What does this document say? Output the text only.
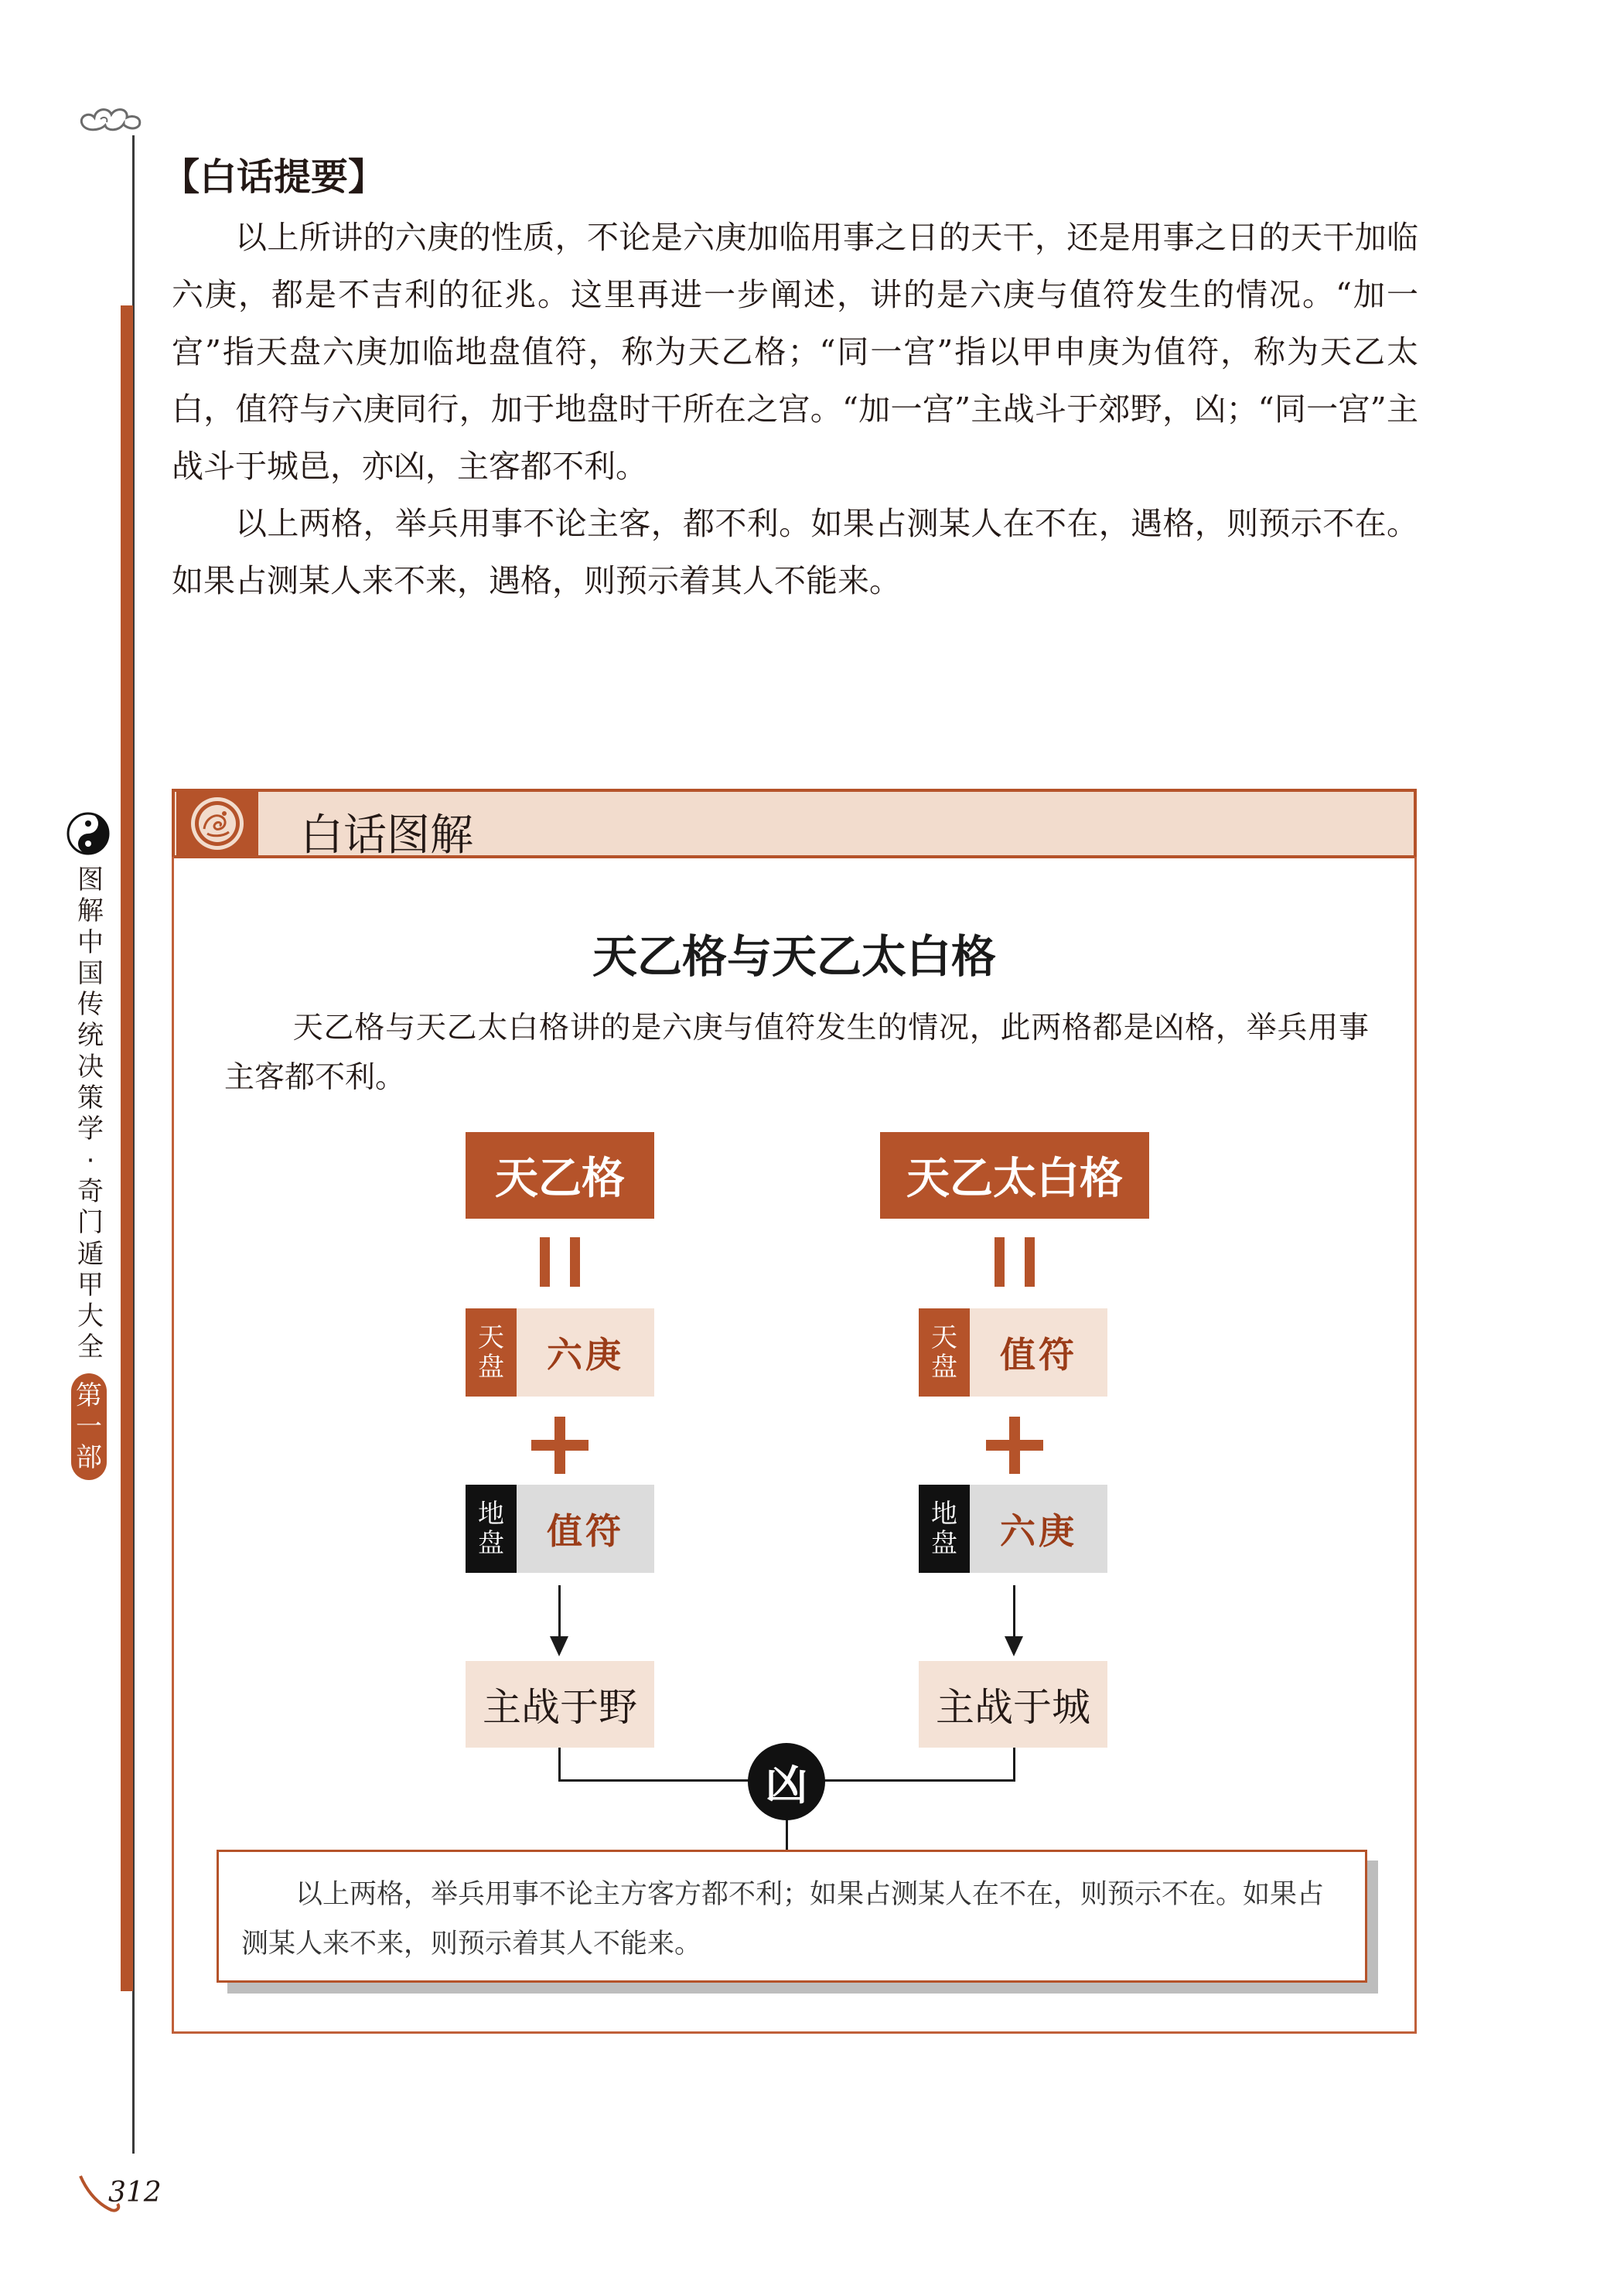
图
解
中
国
传
统
决
策
学
·
奇
门
遁
甲
大
全
第
一
部
312
【白话提要】

以上所讲的六庚的性质，不论是六庚加临用事之日的天干，还是用事之日的天干加临六庚，都是不吉利的征兆。这里再进一步阐述，讲的是六庚与值符发生的情况。“加一宫”指天盘六庚加临地盘值符，称为天乙格；“同一宫”指以甲申庚为值符，称为天乙太白，值符与六庚同行，加于地盘时干所在之宫。“加一宫”主战斗于郊野，凶；“同一宫”主战斗于城邑，亦凶，主客都不利。

以上两格，举兵用事不论主客，都不利。如果占测某人在不在，遇格，则预示不在。如果占测某人来不来，遇格，则预示着其人不能来。

白话图解
天乙格与天乙太白格
天乙格与天乙太白格讲的是六庚与值符发生的情况，此两格都是凶格，举兵用事主客都不利。
天乙格
天
盘	六庚
地
盘	值符
主战于野
天乙太白格
天
盘	值符
地
盘	六庚
主战于城
凶
以上两格，举兵用事不论主方客方都不利；如果占测某人在不在，则预示不在。如果占测某人来不来，则预示着其人不能来。
